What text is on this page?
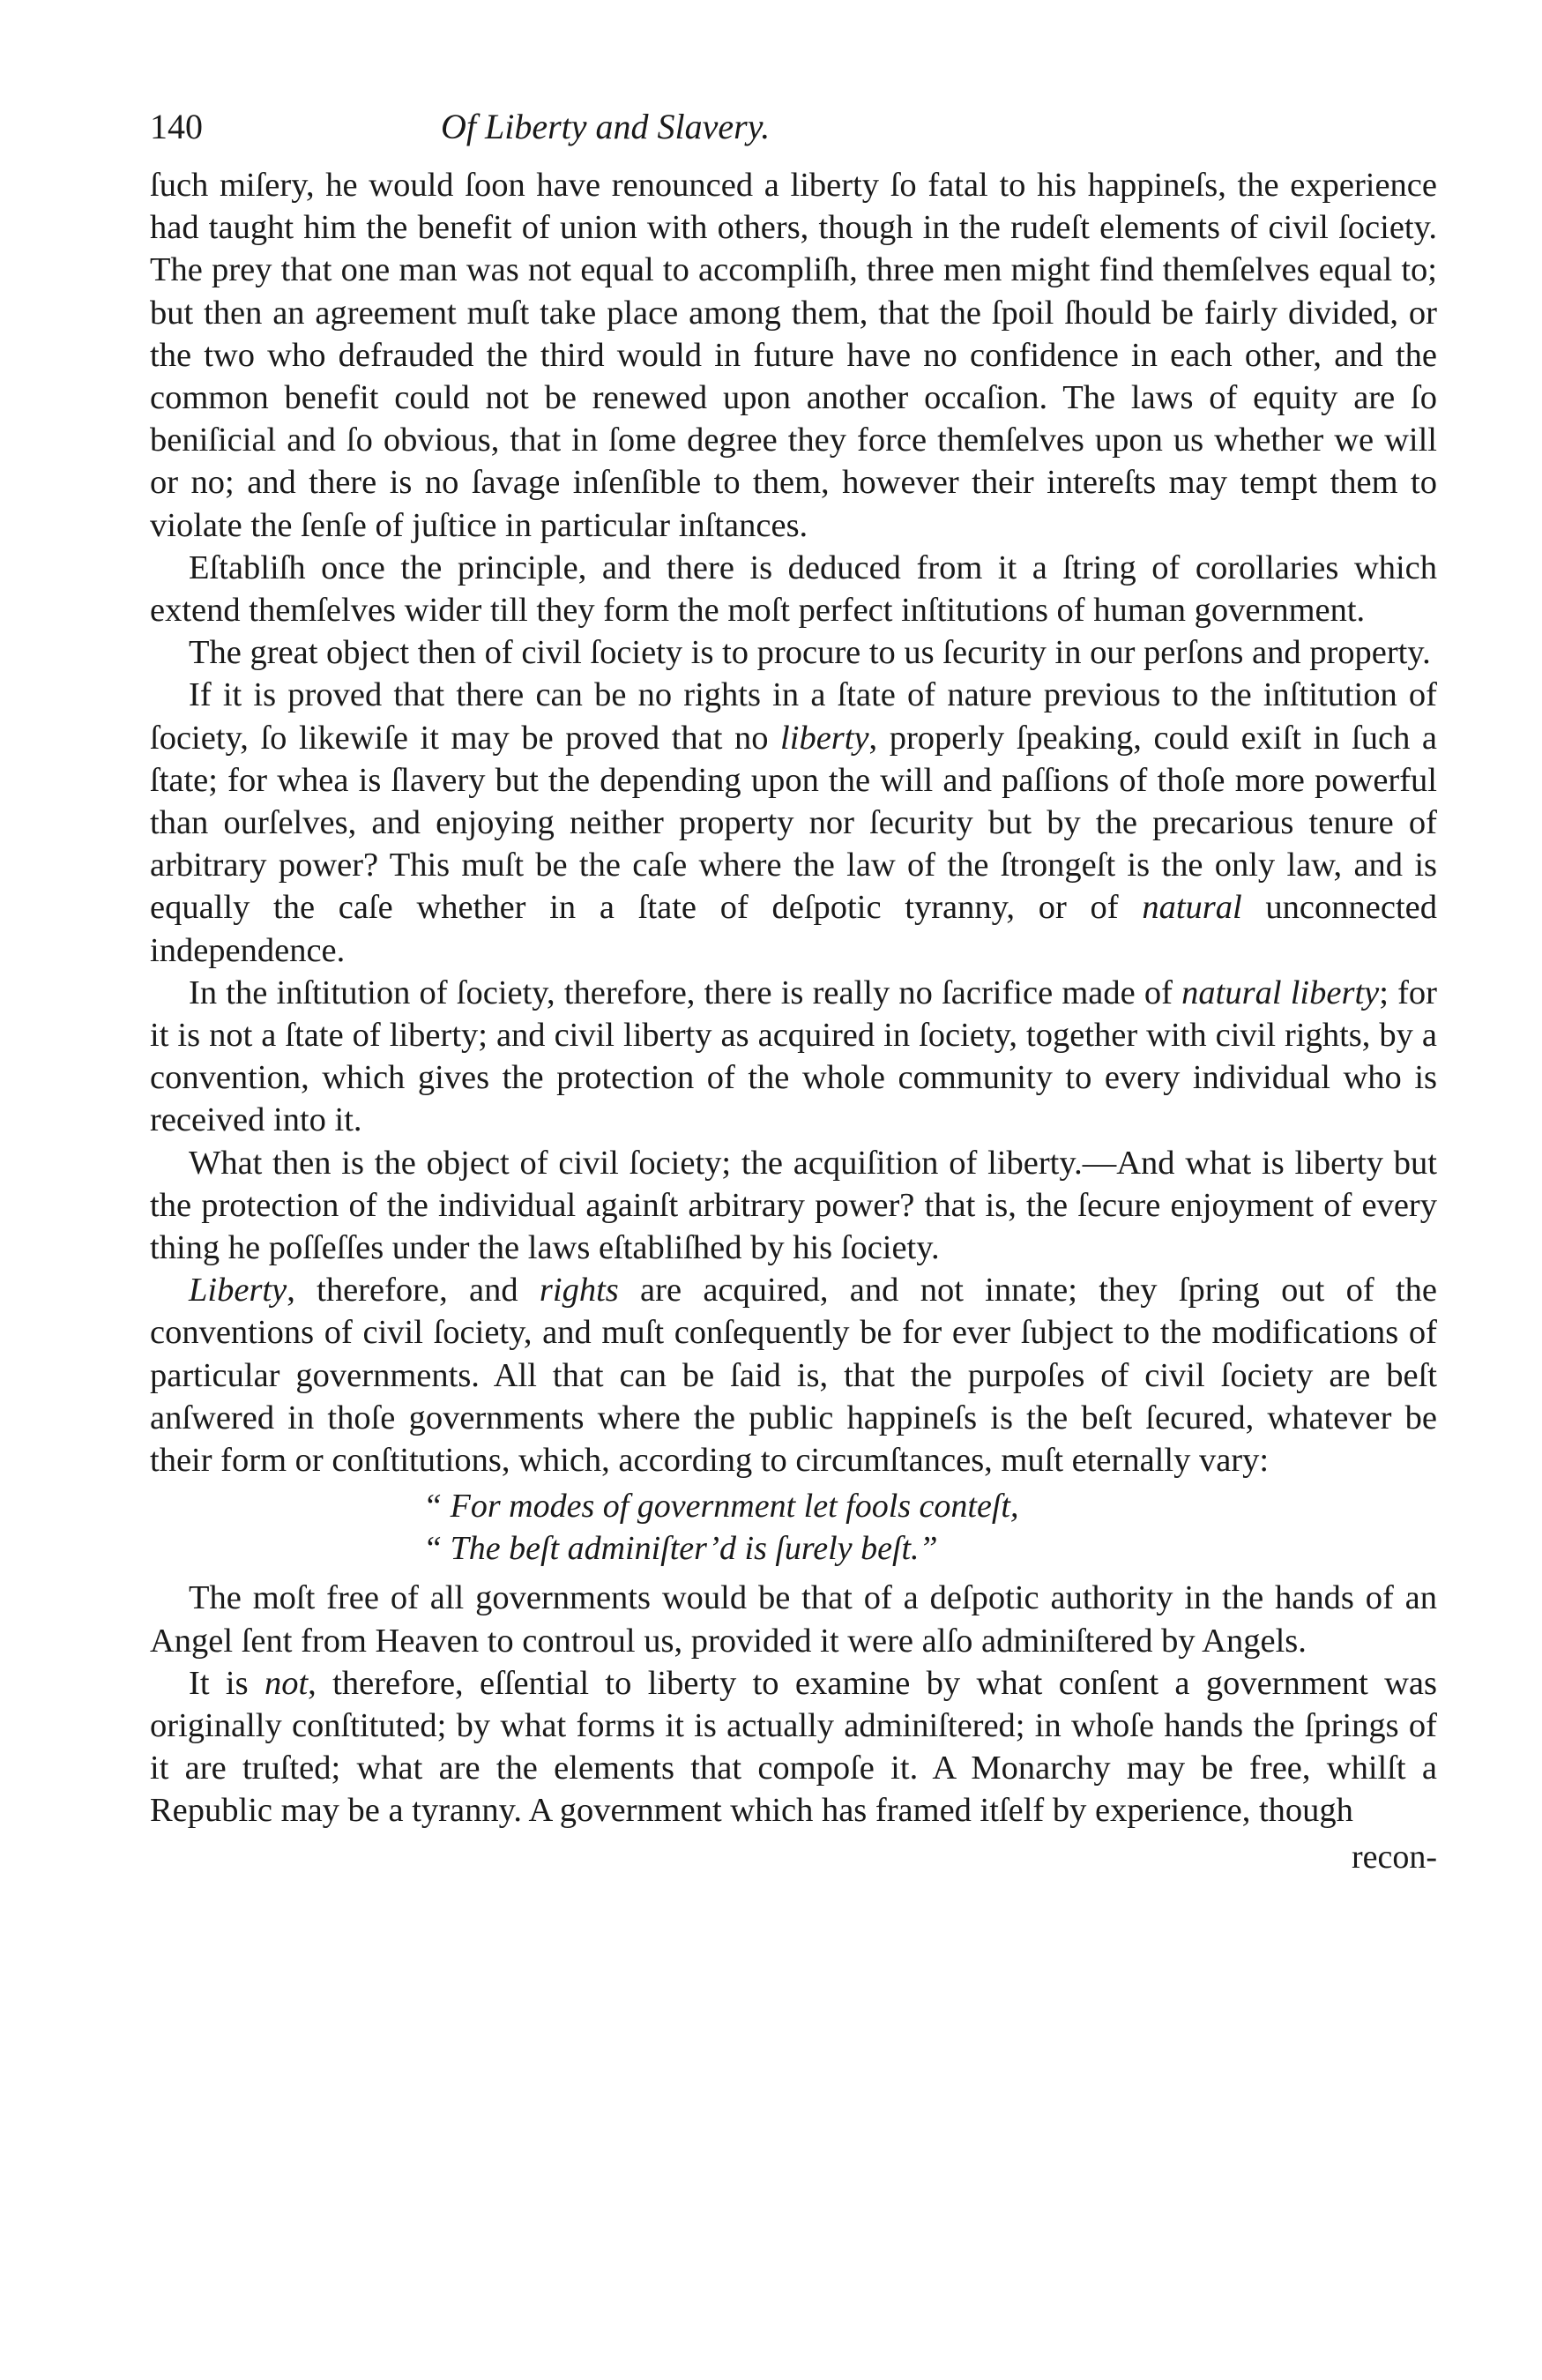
140	Of Liberty and Slavery.

ſuch miſery, he would ſoon have renounced a liberty ſo fatal to his happineſs, the experience had taught him the benefit of union with others, though in the rudeſt elements of civil ſociety. The prey that one man was not equal to accompliſh, three men might find themſelves equal to; but then an agreement muſt take place among them, that the ſpoil ſhould be fairly divided, or the two who defrauded the third would in future have no confidence in each other, and the common benefit could not be renewed upon another occaſion. The laws of equity are ſo beniſicial and ſo obvious, that in ſome degree they force themſelves upon us whether we will or no; and there is no ſavage inſenſible to them, however their intereſts may tempt them to violate the ſenſe of juſtice in particular inſtances.

Eſtabliſh once the principle, and there is deduced from it a ſtring of corollaries which extend themſelves wider till they form the moſt perfect inſtitutions of human government.

The great object then of civil ſociety is to procure to us ſecurity in our perſons and property.

If it is proved that there can be no rights in a ſtate of nature previous to the inſtitution of ſociety, ſo likewiſe it may be proved that no liberty, properly ſpeaking, could exiſt in ſuch a ſtate; for whea is ſlavery but the depending upon the will and paſſions of thoſe more powerful than ourſelves, and enjoying neither property nor ſecurity but by the precarious tenure of arbitrary power? This muſt be the caſe where the law of the ſtrongeſt is the only law, and is equally the caſe whether in a ſtate of deſpotic tyranny, or of natural unconnected independence.

In the inſtitution of ſociety, therefore, there is really no ſacrifice made of natural liberty; for it is not a ſtate of liberty; and civil liberty as acquired in ſociety, together with civil rights, by a convention, which gives the protection of the whole community to every individual who is received into it.

What then is the object of civil ſociety; the acquiſition of liberty.—And what is liberty but the protection of the individual againſt arbitrary power? that is, the ſecure enjoyment of every thing he poſſeſſes under the laws eſtabliſhed by his ſociety.

Liberty, therefore, and rights are acquired, and not innate; they ſpring out of the conventions of civil ſociety, and muſt conſequently be for ever ſubject to the modifications of particular governments. All that can be ſaid is, that the purpoſes of civil ſociety are beſt anſwered in thoſe governments where the public happineſs is the beſt ſecured, whatever be their form or conſtitutions, which, according to circumſtances, muſt eternally vary:

“ For modes of government let fools conteſt,
“ The beſt adminiſter’d is ſurely beſt.”

The moſt free of all governments would be that of a deſpotic authority in the hands of an Angel ſent from Heaven to controul us, provided it were alſo adminiſtered by Angels.

It is not, therefore, eſſential to liberty to examine by what conſent a government was originally conſtituted; by what forms it is actually adminiſtered; in whoſe hands the ſprings of it are truſted; what are the elements that compoſe it. A Monarchy may be free, whilſt a Republic may be a tyranny. A government which has framed itſelf by experience, though

recon-
